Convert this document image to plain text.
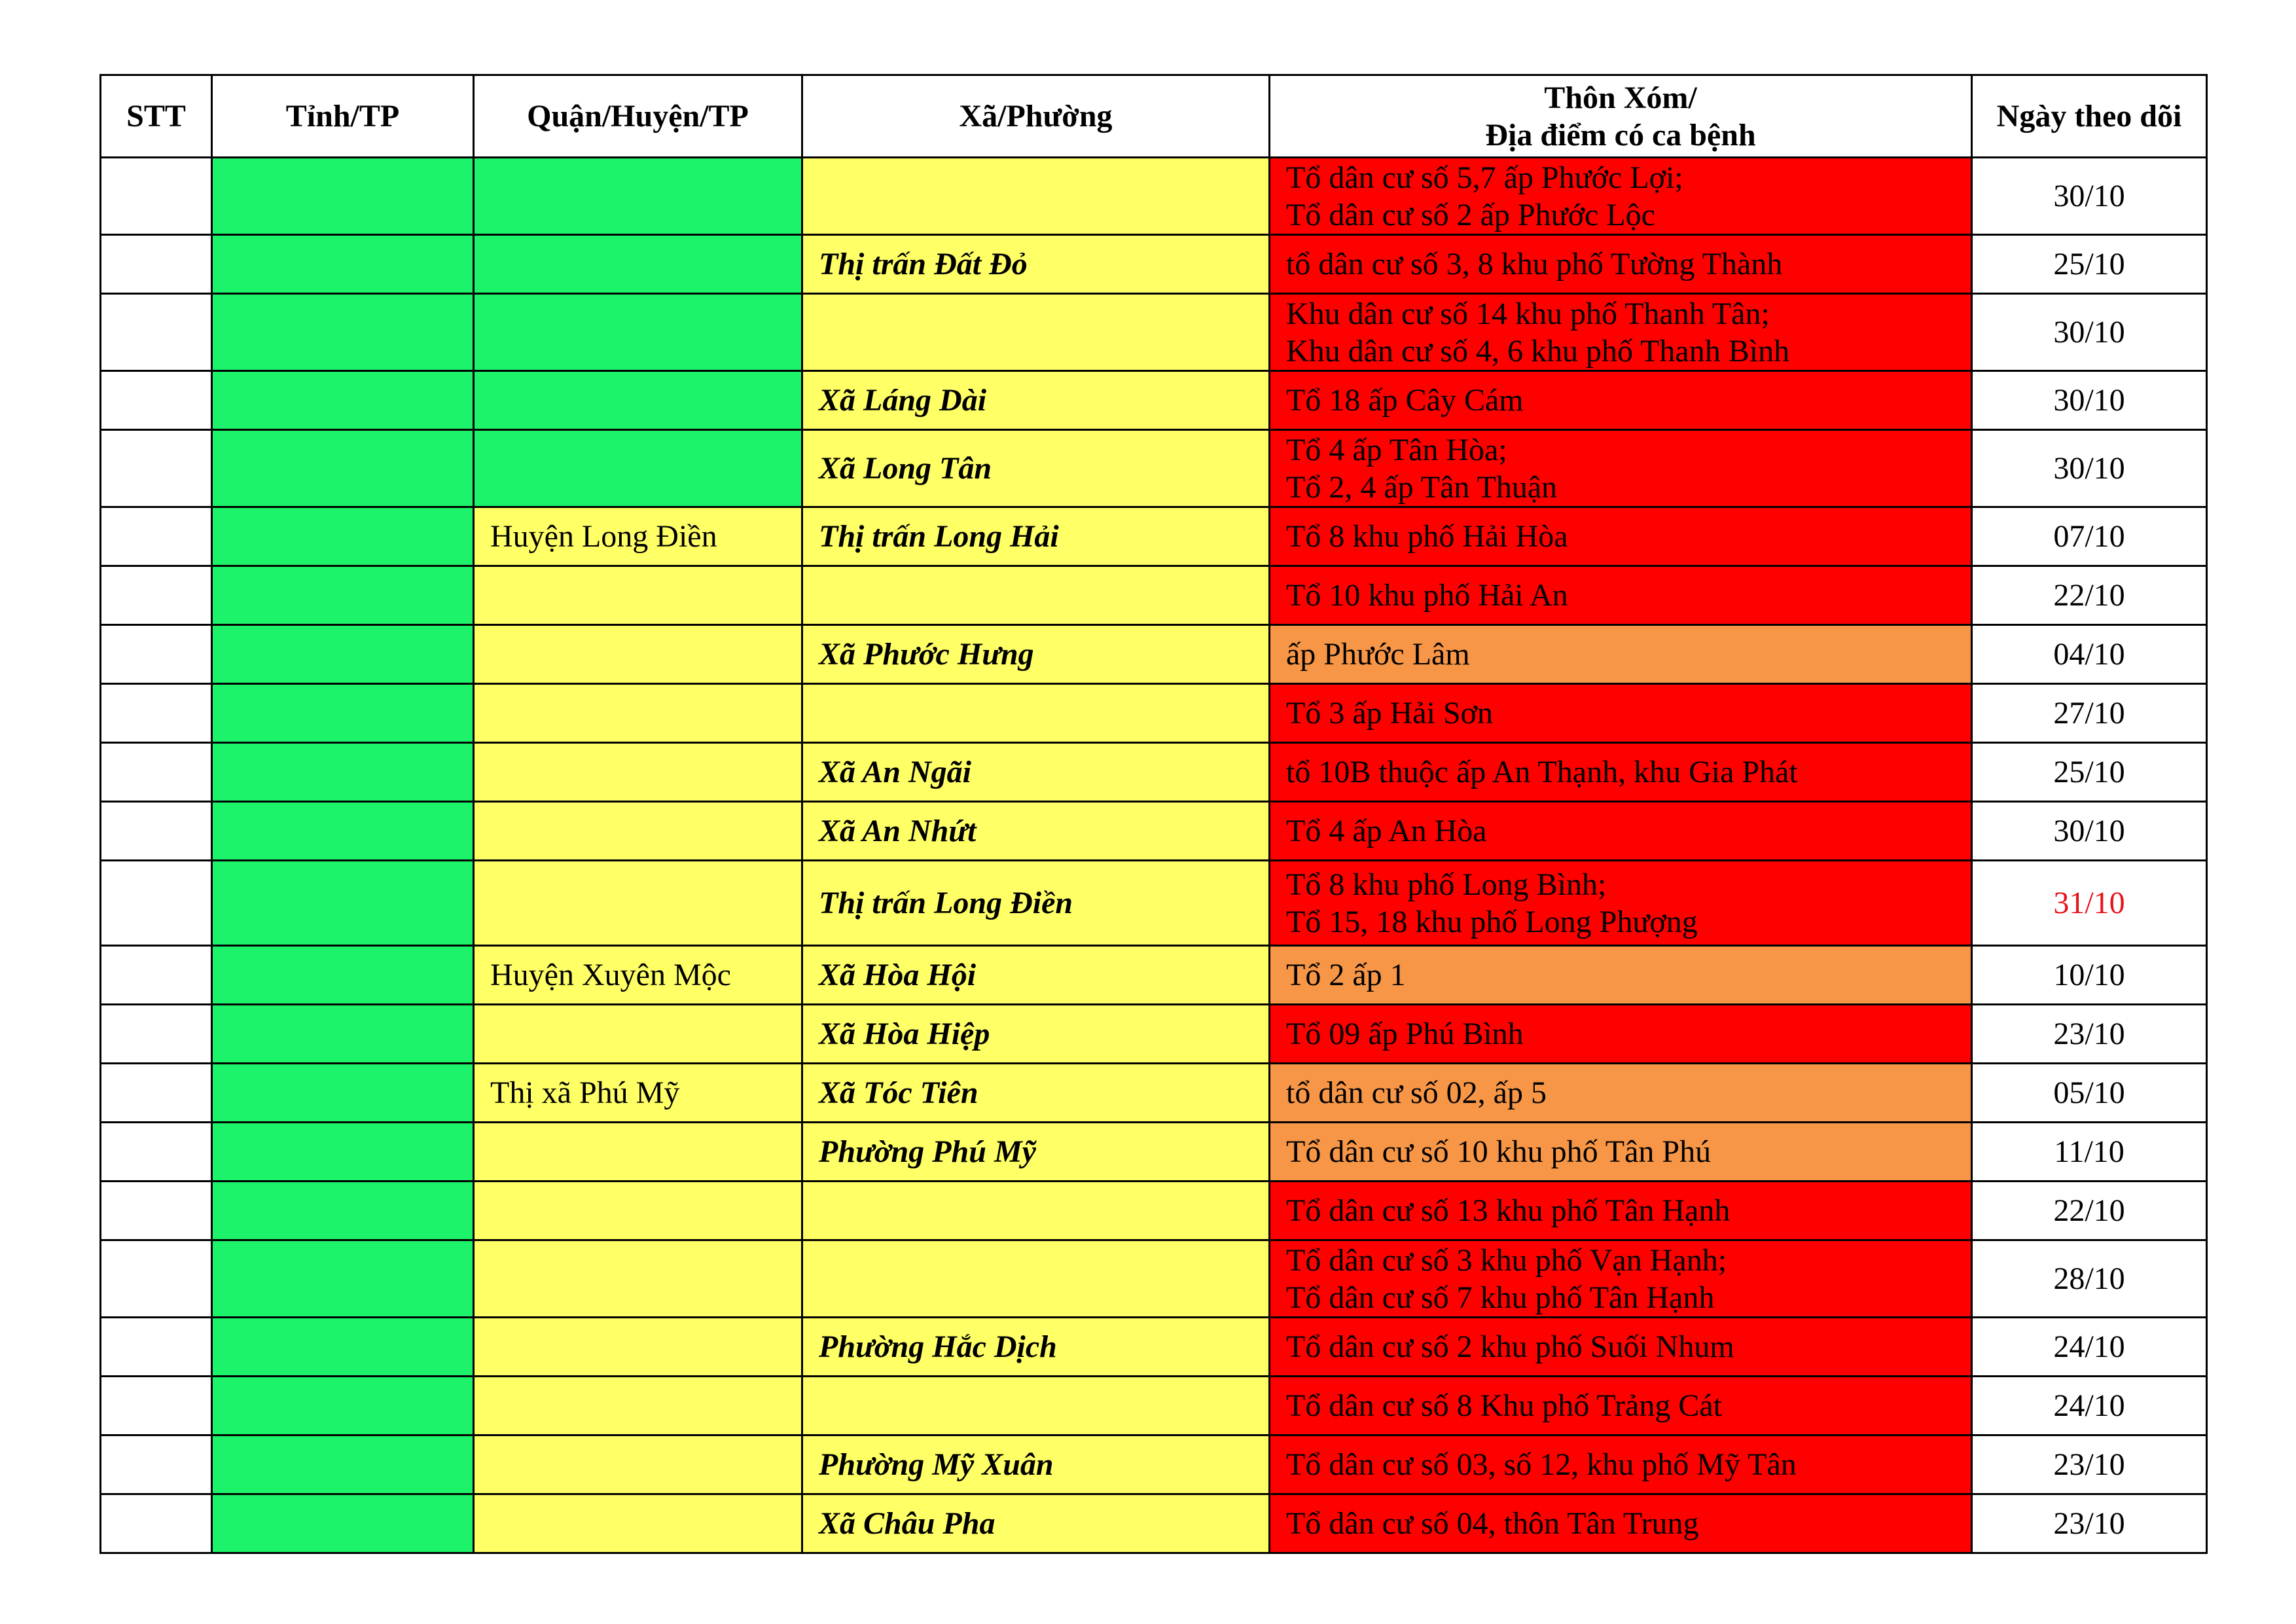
STT	Tỉnh/TP	Quận/Huyện/TP	Xã/Phường	Thôn Xóm/
Địa điểm có ca bệnh	Ngày theo dõi

				Tổ dân cư số 5,7 ấp Phước Lợi;
Tổ dân cư số 2 ấp Phước Lộc	30/10
			Thị trấn Đất Đỏ	tổ dân cư số 3, 8 khu phố Tường Thành	25/10

				Khu dân cư số 14 khu phố Thanh Tân;
Khu dân cư số 4, 6 khu phố Thanh Bình	30/10
			Xã Láng Dài	Tổ 18 ấp Cây Cám	30/10
			Xã Long Tân	Tổ 4 ấp Tân Hòa;
Tổ 2, 4 ấp Tân Thuận	30/10
		Huyện Long Điền	Thị trấn Long Hải	Tổ 8 khu phố Hải Hòa	07/10

				Tổ 10 khu phố Hải An	22/10
			Xã Phước Hưng	ấp Phước Lâm	04/10

				Tổ 3 ấp Hải Sơn	27/10
			Xã An Ngãi	tổ 10B thuộc ấp An Thạnh, khu Gia Phát	25/10
			Xã An Nhứt	Tổ 4 ấp An Hòa	30/10
			Thị trấn Long Điền	Tổ 8 khu phố Long Bình;
Tổ 15, 18 khu phố Long Phượng	31/10
		Huyện Xuyên Mộc	Xã Hòa Hội	Tổ 2 ấp 1	10/10
			Xã Hòa Hiệp	Tổ 09 ấp Phú Bình	23/10
		Thị xã Phú Mỹ	Xã Tóc Tiên	tổ dân cư số 02, ấp 5	05/10
			Phường Phú Mỹ	Tổ dân cư số 10 khu phố Tân Phú	11/10

				Tổ dân cư số 13 khu phố Tân Hạnh	22/10

				Tổ dân cư số 3 khu phố Vạn Hạnh;
Tổ dân cư số 7 khu phố Tân Hạnh	28/10
			Phường Hắc Dịch	Tổ dân cư số 2 khu phố Suối Nhum	24/10

				Tổ dân cư số 8 Khu phố Trảng Cát	24/10
			Phường Mỹ Xuân	Tổ dân cư số 03, số 12, khu phố Mỹ Tân	23/10
			Xã Châu Pha	Tổ dân cư số 04, thôn Tân Trung	23/10
